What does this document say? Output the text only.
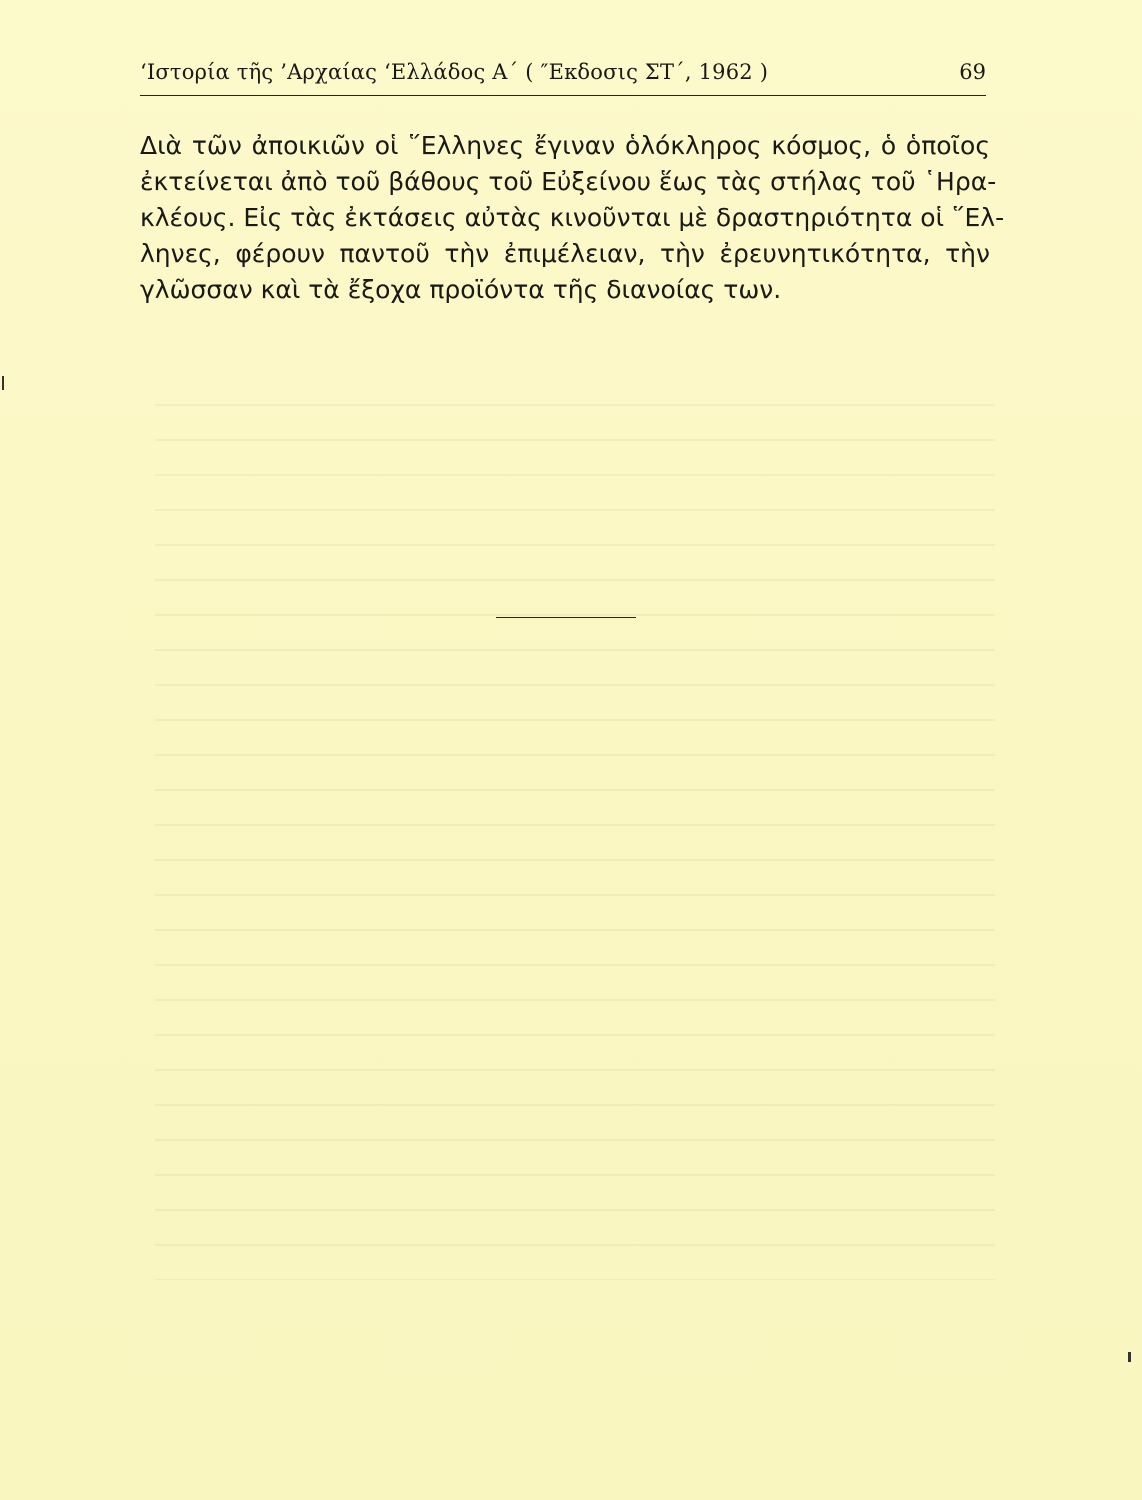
‘Ιστορία τῆς ’Αρχαίας ‘Ελλάδος Α΄ ( ″Εκδοσις ΣΤ΄, 1962 )	69
Διὰ τῶν ἀποικιῶν οἱ ῞Ελληνες ἔγιναν ὁλόκληρος κόσμος, ὁ ὁποῖος
ἐκτείνεται ἀπὸ τοῦ βάθους τοῦ Εὐξείνου ἕως τὰς στήλας τοῦ ῾Ηρα-
κλέους. Εἰς τὰς ἐκτάσεις αὐτὰς κινοῦνται μὲ δραστηριότητα οἱ ῞Ελ-
ληνες, φέρουν παντοῦ τὴν ἐπιμέλειαν, τὴν ἐρευνητικότητα, τὴν
γλῶσσαν καὶ τὰ ἔξοχα προϊόντα τῆς διανοίας των.
